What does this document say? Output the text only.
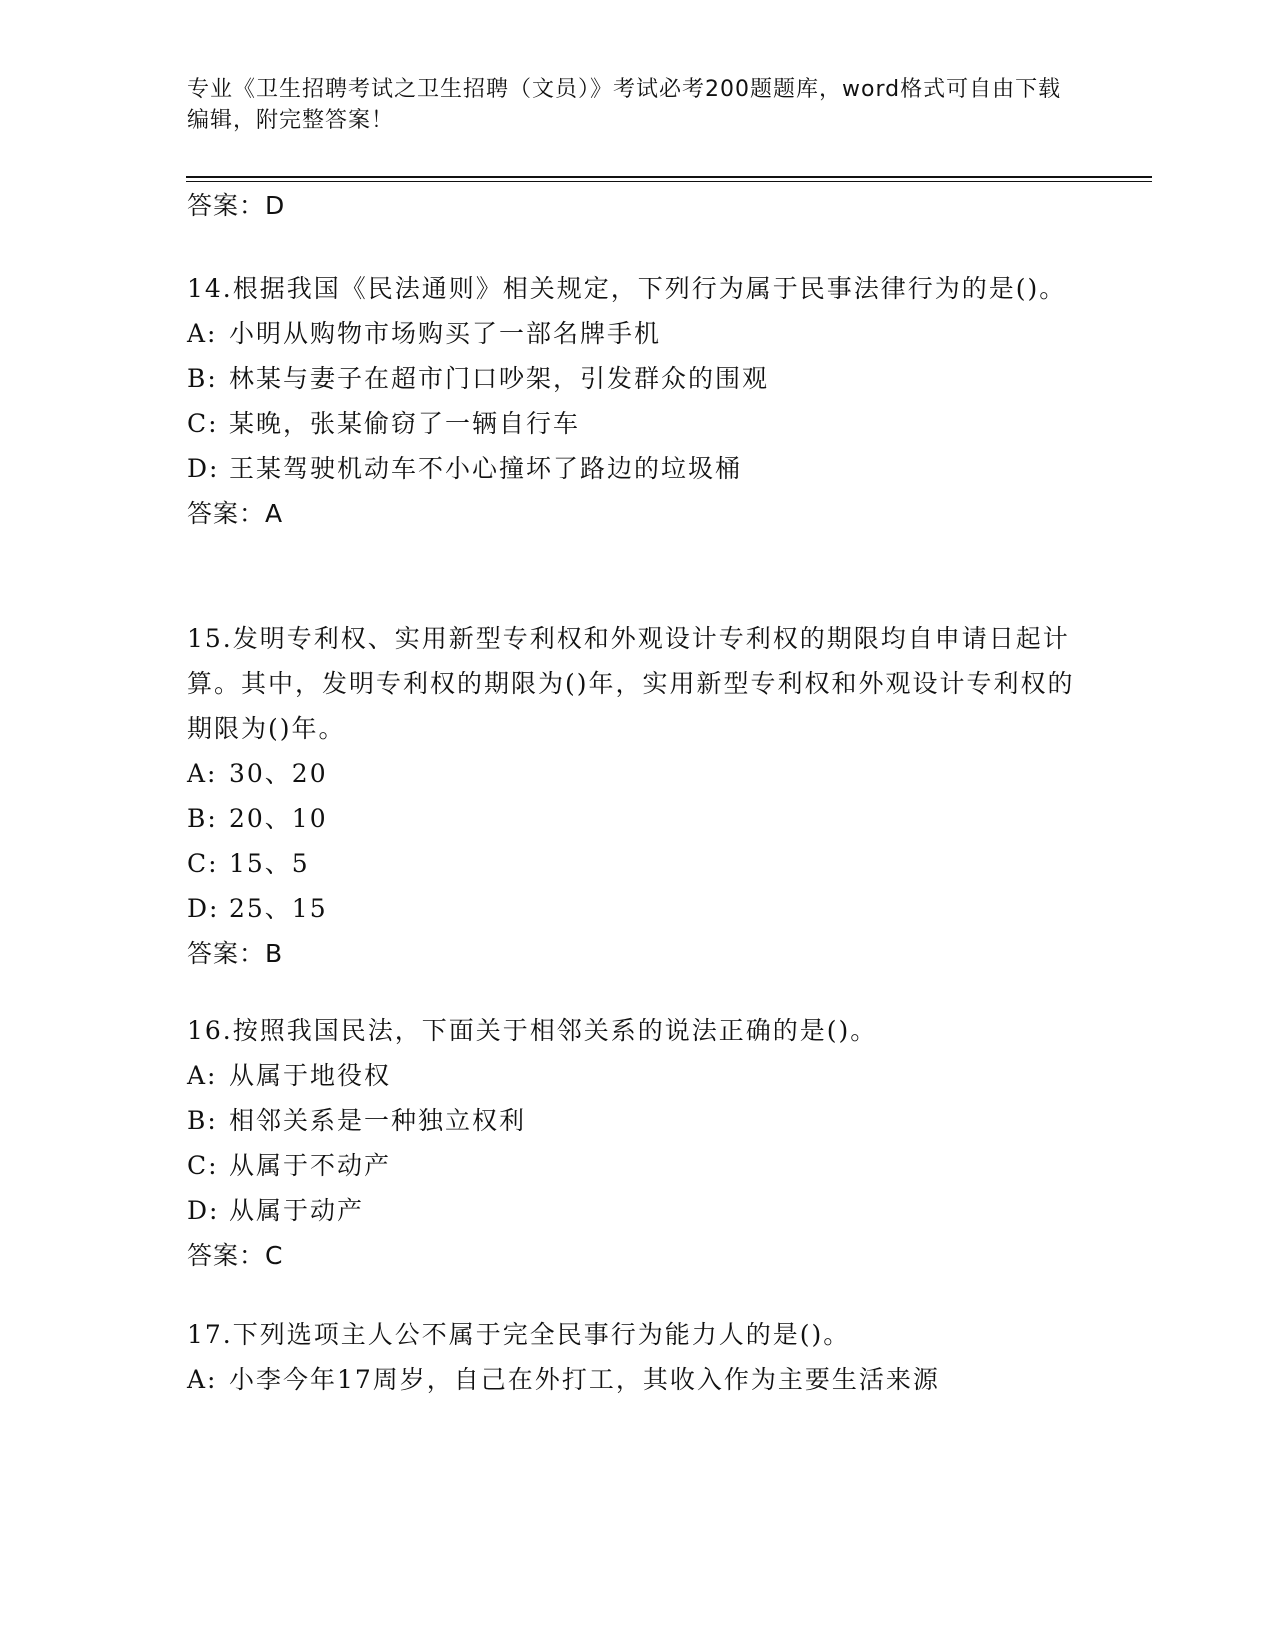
专业《卫生招聘考试之卫生招聘（文员）》考试必考200题题库，word格式可自由下载编辑，附完整答案！
答案：D

14.根据我国《民法通则》相关规定，下列行为属于民事法律行为的是()。

A: 小明从购物市场购买了一部名牌手机
B: 林某与妻子在超市门口吵架，引发群众的围观
C: 某晚，张某偷窃了一辆自行车
D: 王某驾驶机动车不小心撞坏了路边的垃圾桶
答案：A

15.发明专利权、实用新型专利权和外观设计专利权的期限均自申请日起计算。其中，发明专利权的期限为()年，实用新型专利权和外观设计专利权的期限为()年。

A: 30、20
B: 20、10
C: 15、5
D: 25、15
答案：B

16.按照我国民法，下面关于相邻关系的说法正确的是()。

A: 从属于地役权
B: 相邻关系是一种独立权利
C: 从属于不动产
D: 从属于动产
答案：C

17.下列选项主人公不属于完全民事行为能力人的是()。

A: 小李今年17周岁，自己在外打工，其收入作为主要生活来源
